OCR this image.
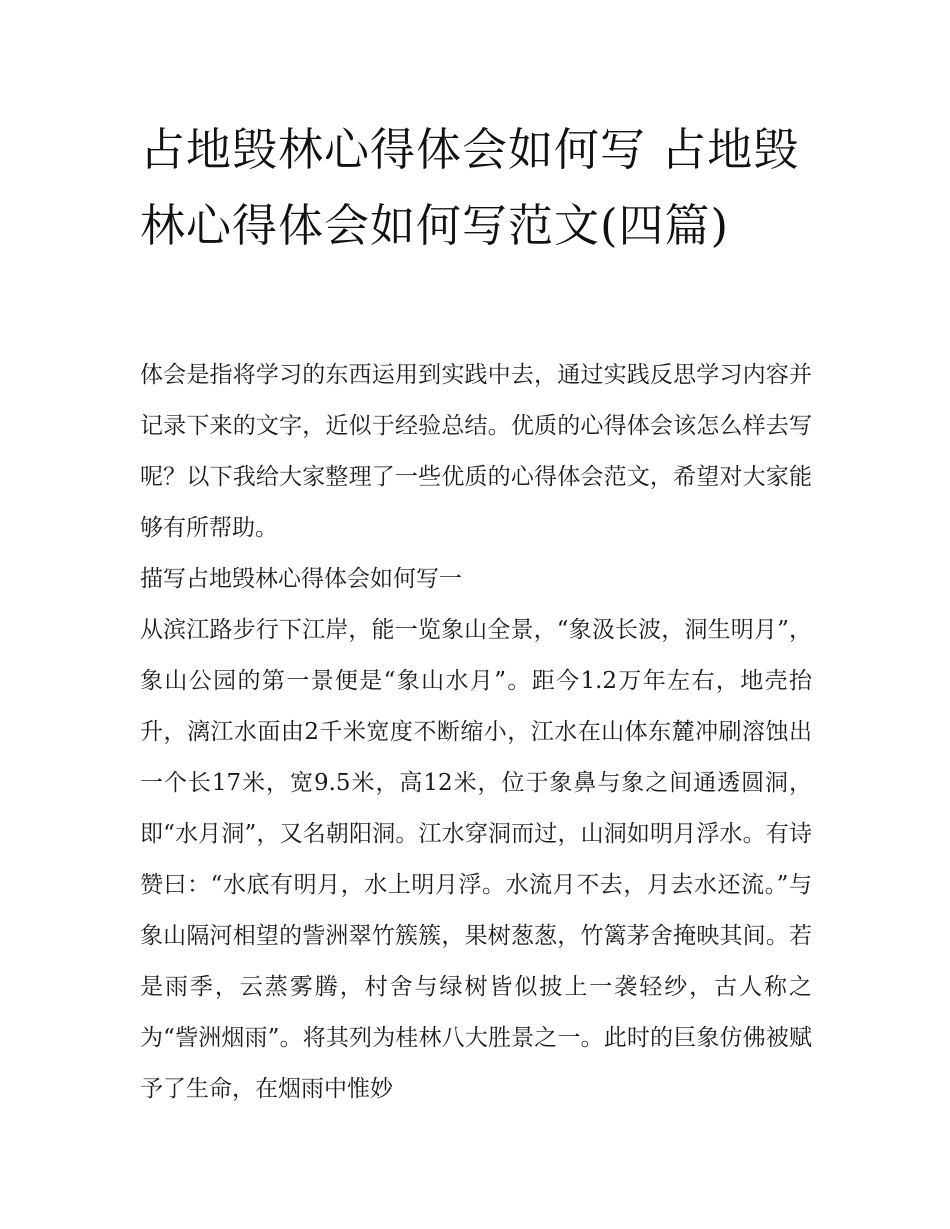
占地毁林心得体会如何写 占地毁林心得体会如何写范文(四篇)

体会是指将学习的东西运用到实践中去，通过实践反思学习内容并记录下来的文字，近似于经验总结。优质的心得体会该怎么样去写呢？以下我给大家整理了一些优质的心得体会范文，希望对大家能够有所帮助。

描写占地毁林心得体会如何写一

从滨江路步行下江岸，能一览象山全景，“象汲长波，洞生明月”，象山公园的第一景便是“象山水月”。距今1.2万年左右，地壳抬升，漓江水面由2千米宽度不断缩小，江水在山体东麓冲刷溶蚀出一个长17米，宽9.5米，高12米，位于象鼻与象之间通透圆洞，即“水月洞”，又名朝阳洞。江水穿洞而过，山洞如明月浮水。有诗赞曰：“水底有明月，水上明月浮。水流月不去，月去水还流。”与象山隔河相望的訾洲翠竹簇簇，果树葱葱，竹篱茅舍掩映其间。若是雨季，云蒸雾腾，村舍与绿树皆似披上一袭轻纱，古人称之为“訾洲烟雨”。将其列为桂林八大胜景之一。此时的巨象仿佛被赋予了生命，在烟雨中惟妙
